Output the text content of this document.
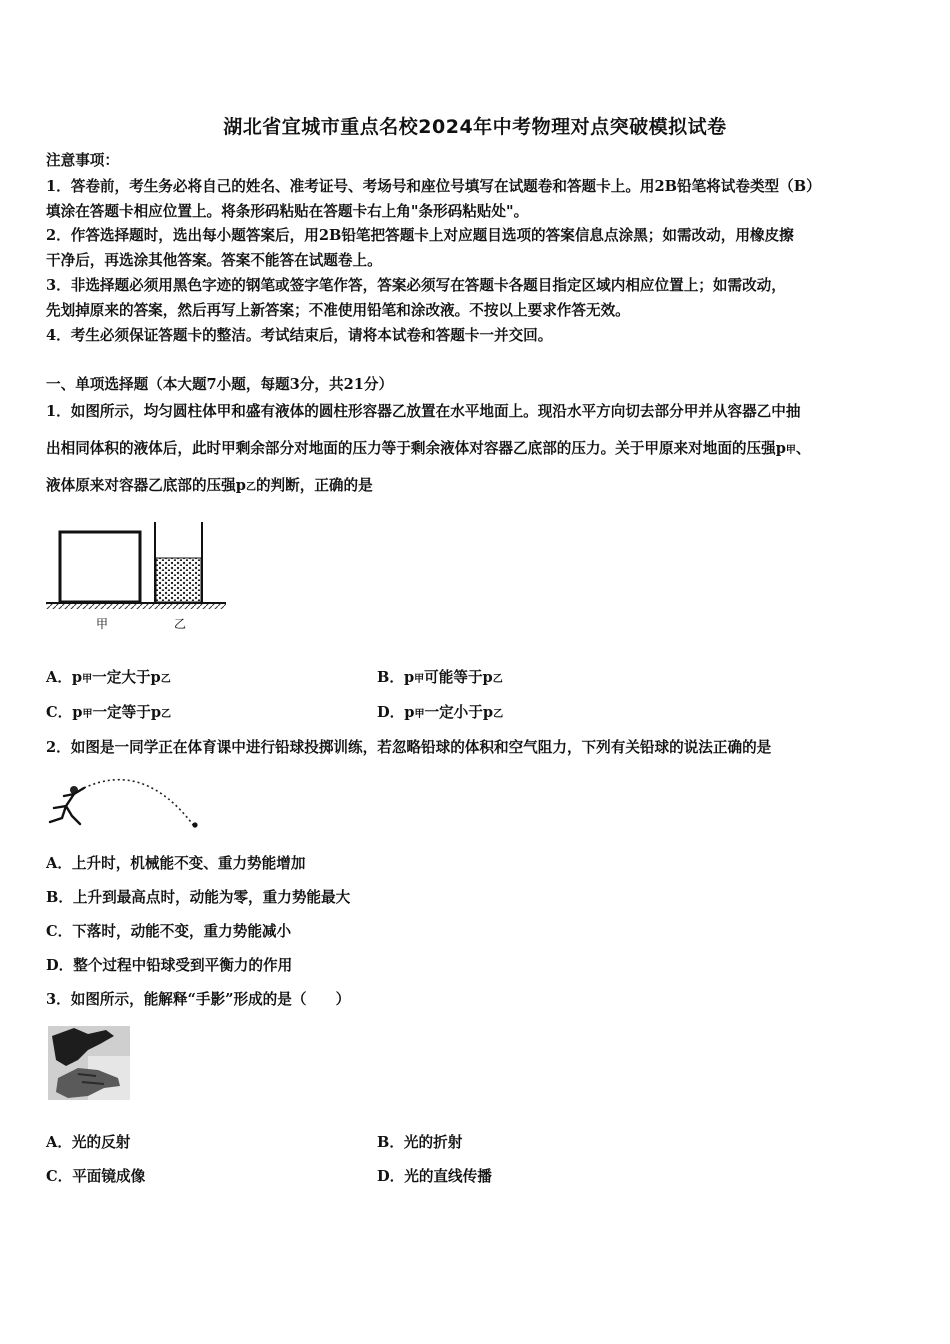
湖北省宜城市重点名校2024年中考物理对点突破模拟试卷
注意事项：
1．答卷前，考生务必将自己的姓名、准考证号、考场号和座位号填写在试题卷和答题卡上。用2B铅笔将试卷类型（B）
填涂在答题卡相应位置上。将条形码粘贴在答题卡右上角"条形码粘贴处"。
2．作答选择题时，选出每小题答案后，用2B铅笔把答题卡上对应题目选项的答案信息点涂黑；如需改动，用橡皮擦
干净后，再选涂其他答案。答案不能答在试题卷上。
3．非选择题必须用黑色字迹的钢笔或签字笔作答，答案必须写在答题卡各题目指定区域内相应位置上；如需改动，
先划掉原来的答案，然后再写上新答案；不准使用铅笔和涂改液。不按以上要求作答无效。
4．考生必须保证答题卡的整洁。考试结束后，请将本试卷和答题卡一并交回。
一、单项选择题（本大题7小题，每题3分，共21分）
1．如图所示，均匀圆柱体甲和盛有液体的圆柱形容器乙放置在水平地面上。现沿水平方向切去部分甲并从容器乙中抽
出相同体积的液体后，此时甲剩余部分对地面的压力等于剩余液体对容器乙底部的压力。关于甲原来对地面的压强p甲、
液体原来对容器乙底部的压强p乙的判断，正确的是
甲	乙
A．p甲一定大于p乙	B．p甲可能等于p乙
C．p甲一定等于p乙	D．p甲一定小于p乙
2．如图是一同学正在体育课中进行铅球投掷训练，若忽略铅球的体积和空气阻力，下列有关铅球的说法正确的是
A．上升时，机械能不变、重力势能增加
B．上升到最高点时，动能为零，重力势能最大
C．下落时，动能不变，重力势能减小
D．整个过程中铅球受到平衡力的作用
3．如图所示，能解释“手影”形成的是（　　）
A．光的反射	B．光的折射
C．平面镜成像	D．光的直线传播
